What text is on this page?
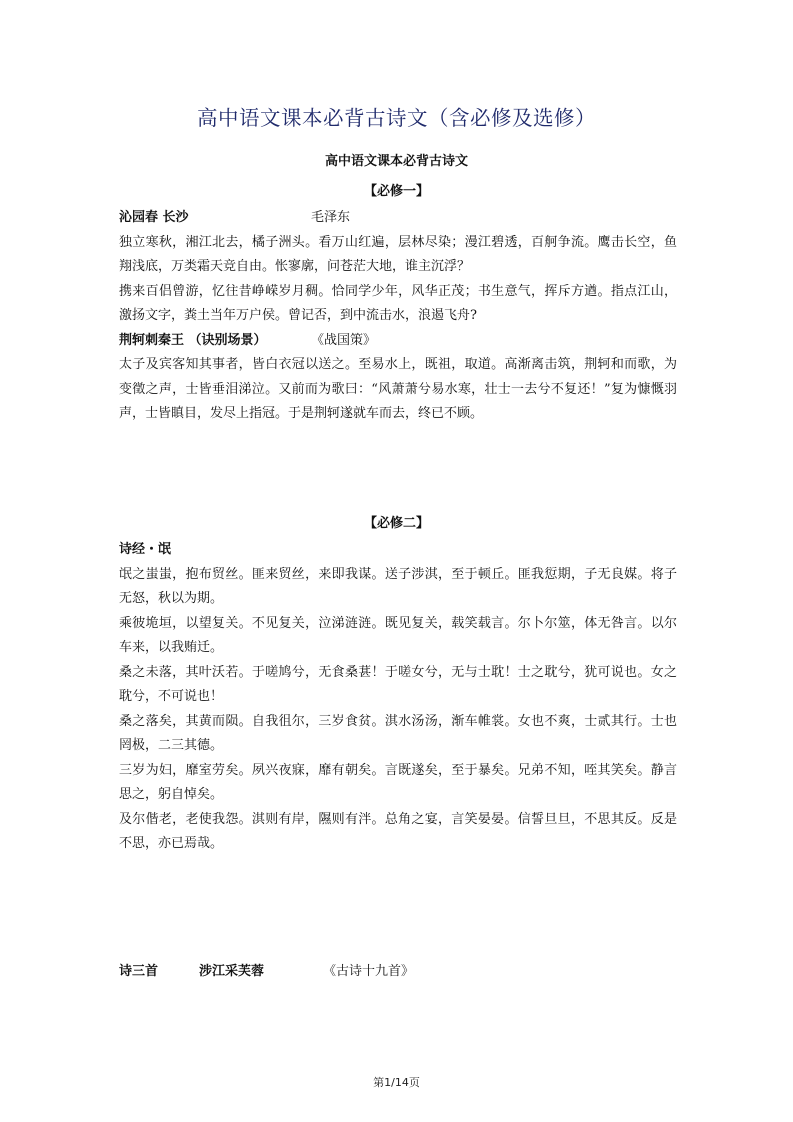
高中语文课本必背古诗文（含必修及选修）
高中语文课本必背古诗文
【必修一】
沁园春 长沙	毛泽东
独立寒秋，湘江北去，橘子洲头。看万山红遍，层林尽染；漫江碧透，百舸争流。鹰击长空，鱼翔浅底，万类霜天竞自由。怅寥廓，问苍茫大地，谁主沉浮？
携来百侣曾游，忆往昔峥嵘岁月稠。恰同学少年，风华正茂；书生意气，挥斥方遒。指点江山，激扬文字，粪土当年万户侯。曾记否，到中流击水，浪遏飞舟?
荆轲刺秦王 （诀别场景）	《战国策》
太子及宾客知其事者，皆白衣冠以送之。至易水上，既祖，取道。高渐离击筑，荆轲和而歌，为变徵之声，士皆垂泪涕泣。又前而为歌曰：“风萧萧兮易水寒，壮士一去兮不复还！”复为慷慨羽声，士皆瞋目，发尽上指冠。于是荆轲遂就车而去，终已不顾。
【必修二】
诗经・氓
氓之蚩蚩，抱布贸丝。匪来贸丝，来即我谋。送子涉淇，至于顿丘。匪我愆期，子无良媒。将子无怒，秋以为期。
乘彼垝垣，以望复关。不见复关，泣涕涟涟。既见复关，载笑载言。尔卜尔筮，体无咎言。以尔车来，以我贿迁。
桑之未落，其叶沃若。于嗟鸠兮，无食桑葚！于嗟女兮，无与士耽！士之耽兮，犹可说也。女之耽兮，不可说也！
桑之落矣，其黄而陨。自我徂尔，三岁食贫。淇水汤汤，渐车帷裳。女也不爽，士贰其行。士也罔极，二三其德。
三岁为妇，靡室劳矣。夙兴夜寐，靡有朝矣。言既遂矣，至于暴矣。兄弟不知，咥其笑矣。静言思之，躬自悼矣。
及尔偕老，老使我怨。淇则有岸，隰则有泮。总角之宴，言笑晏晏。信誓旦旦，不思其反。反是不思，亦已焉哉。
诗三首	涉江采芙蓉	《古诗十九首》
第1/14页
